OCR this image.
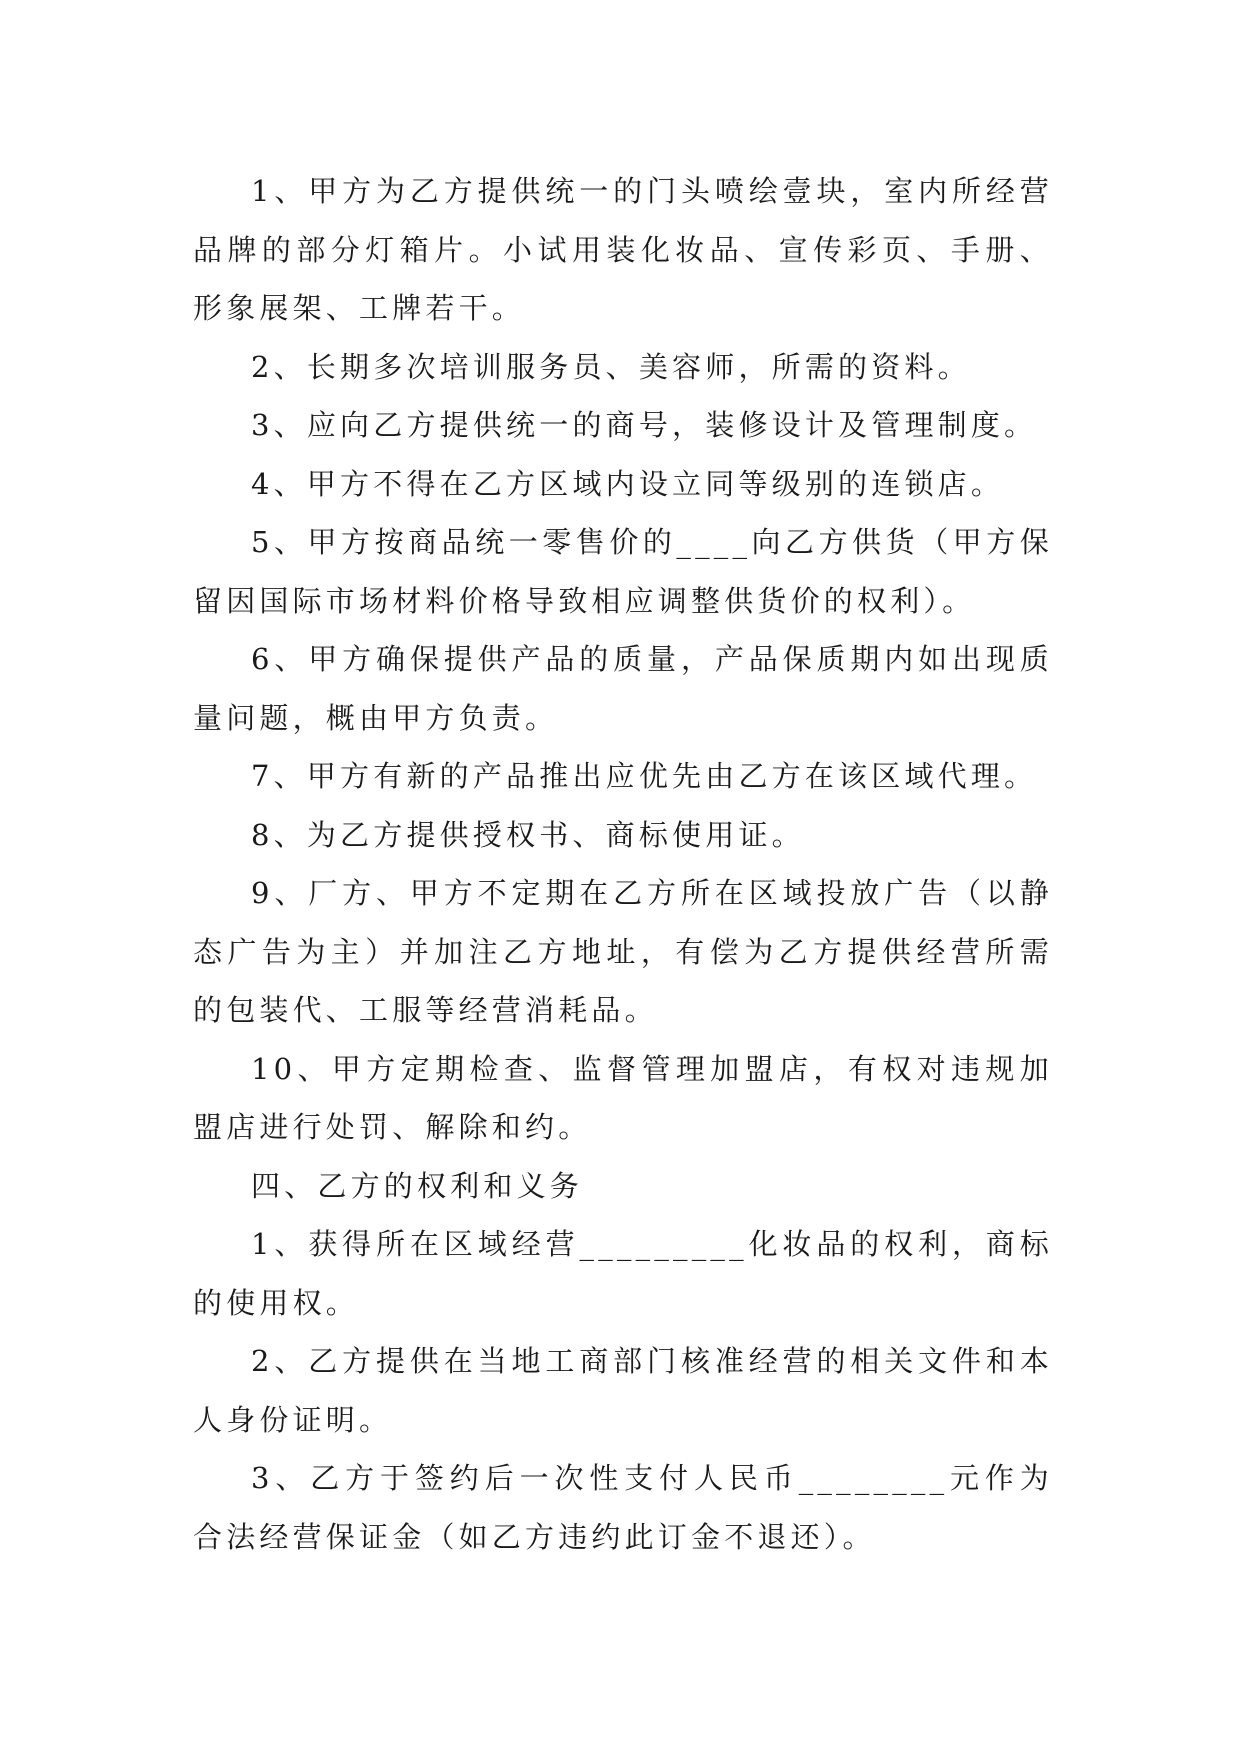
1、甲方为乙方提供统一的门头喷绘壹块，室内所经营品牌的部分灯箱片。小试用装化妆品、宣传彩页、手册、形象展架、工牌若干。

2、长期多次培训服务员、美容师，所需的资料。

3、应向乙方提供统一的商号，装修设计及管理制度。

4、甲方不得在乙方区域内设立同等级别的连锁店。

5、甲方按商品统一零售价的____向乙方供货（甲方保留因国际市场材料价格导致相应调整供货价的权利）。

6、甲方确保提供产品的质量，产品保质期内如出现质量问题，概由甲方负责。

7、甲方有新的产品推出应优先由乙方在该区域代理。

8、为乙方提供授权书、商标使用证。

9、厂方、甲方不定期在乙方所在区域投放广告（以静态广告为主）并加注乙方地址，有偿为乙方提供经营所需的包装代、工服等经营消耗品。

10、甲方定期检查、监督管理加盟店，有权对违规加盟店进行处罚、解除和约。

四、乙方的权利和义务

1、获得所在区域经营_________化妆品的权利，商标的使用权。

2、乙方提供在当地工商部门核准经营的相关文件和本人身份证明。

3、乙方于签约后一次性支付人民币________元作为合法经营保证金（如乙方违约此订金不退还）。
